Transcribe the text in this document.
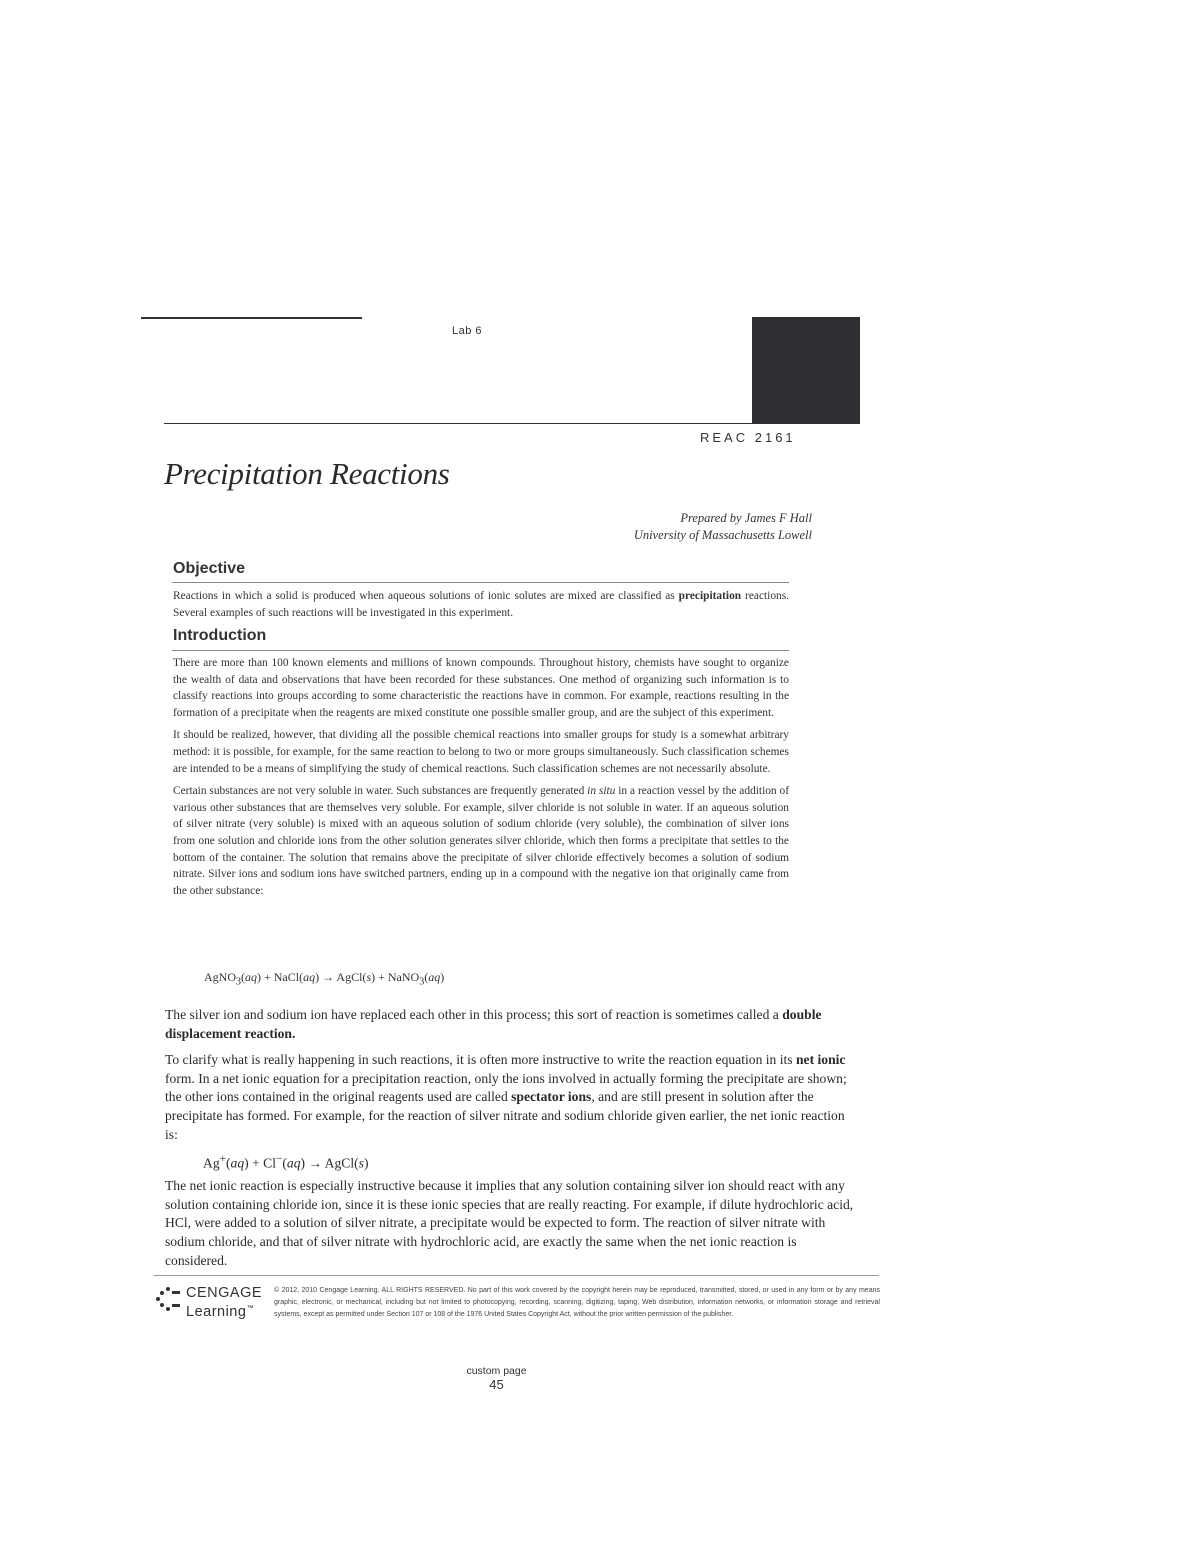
Lab 6
REAC 2161
Precipitation Reactions
Prepared by James F Hall
University of Massachusetts Lowell
Objective

Reactions in which a solid is produced when aqueous solutions of ionic solutes are mixed are classified as precipitation reactions. Several examples of such reactions will be investigated in this experiment.

Introduction

There are more than 100 known elements and millions of known compounds. Throughout history, chemists have sought to organize the wealth of data and observations that have been recorded for these substances. One method of organizing such information is to classify reactions into groups according to some characteristic the reactions have in common. For example, reactions resulting in the formation of a precipitate when the reagents are mixed constitute one possible smaller group, and are the subject of this experiment.

It should be realized, however, that dividing all the possible chemical reactions into smaller groups for study is a somewhat arbitrary method: it is possible, for example, for the same reaction to belong to two or more groups simultaneously. Such classification schemes are intended to be a means of simplifying the study of chemical reactions. Such classification schemes are not necessarily absolute.

Certain substances are not very soluble in water. Such substances are frequently generated in situ in a reaction vessel by the addition of various other substances that are themselves very soluble. For example, silver chloride is not soluble in water. If an aqueous solution of silver nitrate (very soluble) is mixed with an aqueous solution of sodium chloride (very soluble), the combination of silver ions from one solution and chloride ions from the other solution generates silver chloride, which then forms a precipitate that settles to the bottom of the container. The solution that remains above the precipitate of silver chloride effectively becomes a solution of sodium nitrate. Silver ions and sodium ions have switched partners, ending up in a compound with the negative ion that originally came from the other substance:

AgNO$_3$(aq) + NaCl(aq) → AgCl(s) + NaNO$_3$(aq)

The silver ion and sodium ion have replaced each other in this process; this sort of reaction is sometimes called a double displacement reaction.

To clarify what is really happening in such reactions, it is often more instructive to write the reaction equation in its net ionic form. In a net ionic equation for a precipitation reaction, only the ions involved in actually forming the precipitate are shown; the other ions contained in the original reagents used are called spectator ions, and are still present in solution after the precipitate has formed. For example, for the reaction of silver nitrate and sodium chloride given earlier, the net ionic reaction is:

Ag+(aq) + Cl−(aq) → AgCl(s)

The net ionic reaction is especially instructive because it implies that any solution containing silver ion should react with any solution containing chloride ion, since it is these ionic species that are really reacting. For example, if dilute hydrochloric acid, HCl, were added to a solution of silver nitrate, a precipitate would be expected to form. The reaction of silver nitrate with sodium chloride, and that of silver nitrate with hydrochloric acid, are exactly the same when the net ionic reaction is considered.

CENGAGE
Learning™
© 2012, 2010 Cengage Learning. ALL RIGHTS RESERVED. No part of this work covered by the copyright herein may be reproduced, transmitted, stored, or used in any form or by any means graphic, electronic, or mechanical, including but not limited to photocopying, recording, scanning, digitizing, taping, Web distribution, information networks, or information storage and retrieval systems, except as permitted under Section 107 or 108 of the 1976 United States Copyright Act, without the prior written permission of the publisher.
custom page
45
